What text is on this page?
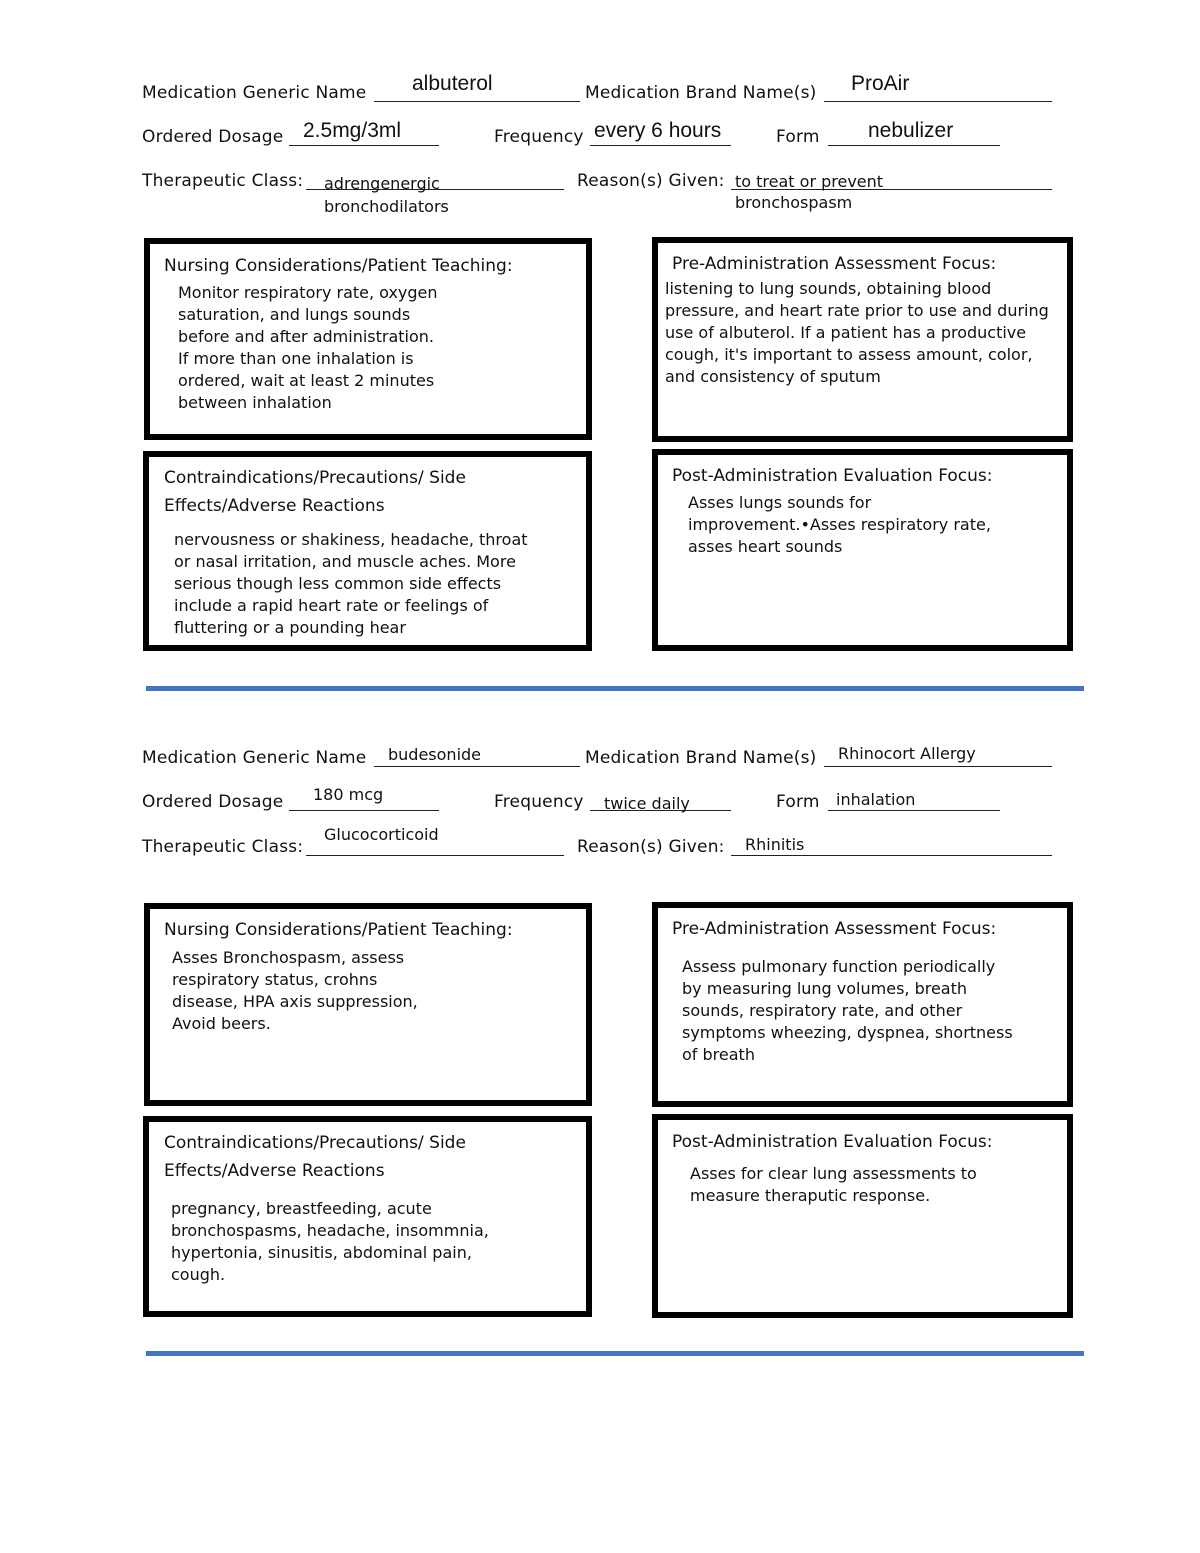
Medication Generic Name albuterol	Medication Brand Name(s) ProAir
Ordered Dosage 2.5mg/3ml	Frequency every 6 hours	Form nebulizer
Therapeutic Class: adrengenergic
bronchodilators
Reason(s) Given: to treat or prevent
bronchospasm
Nursing Considerations/Patient Teaching:
Monitor respiratory rate, oxygen
saturation, and lungs sounds
before and after administration.
If more than one inhalation is
ordered, wait at least 2 minutes
between inhalation
Pre-Administration Assessment Focus:
listening to lung sounds, obtaining blood
pressure, and heart rate prior to use and during
use of albuterol. If a patient has a productive
cough, it's important to assess amount, color,
and consistency of sputum
Contraindications/Precautions/ Side
Effects/Adverse Reactions
nervousness or shakiness, headache, throat
or nasal irritation, and muscle aches. More
serious though less common side effects
include a rapid heart rate or feelings of
fluttering or a pounding hear
Post-Administration Evaluation Focus:
Asses lungs sounds for
improvement.•Asses respiratory rate,
asses heart sounds
Medication Generic Name budesonide	Medication Brand Name(s) Rhinocort Allergy
Ordered Dosage 180 mcg	Frequency twice daily	Form inhalation
Therapeutic Class:
Glucocorticoid
Reason(s) Given: Rhinitis
Nursing Considerations/Patient Teaching:
Asses Bronchospasm, assess
respiratory status, crohns
disease, HPA axis suppression,
Avoid beers.
Pre-Administration Assessment Focus:
Assess pulmonary function periodically
by measuring lung volumes, breath
sounds, respiratory rate, and other
symptoms wheezing, dyspnea, shortness
of breath
Contraindications/Precautions/ Side
Effects/Adverse Reactions
pregnancy, breastfeeding, acute
bronchospasms, headache, insommnia,
hypertonia, sinusitis, abdominal pain,
cough.
Post-Administration Evaluation Focus:
Asses for clear lung assessments to
measure theraputic response.
